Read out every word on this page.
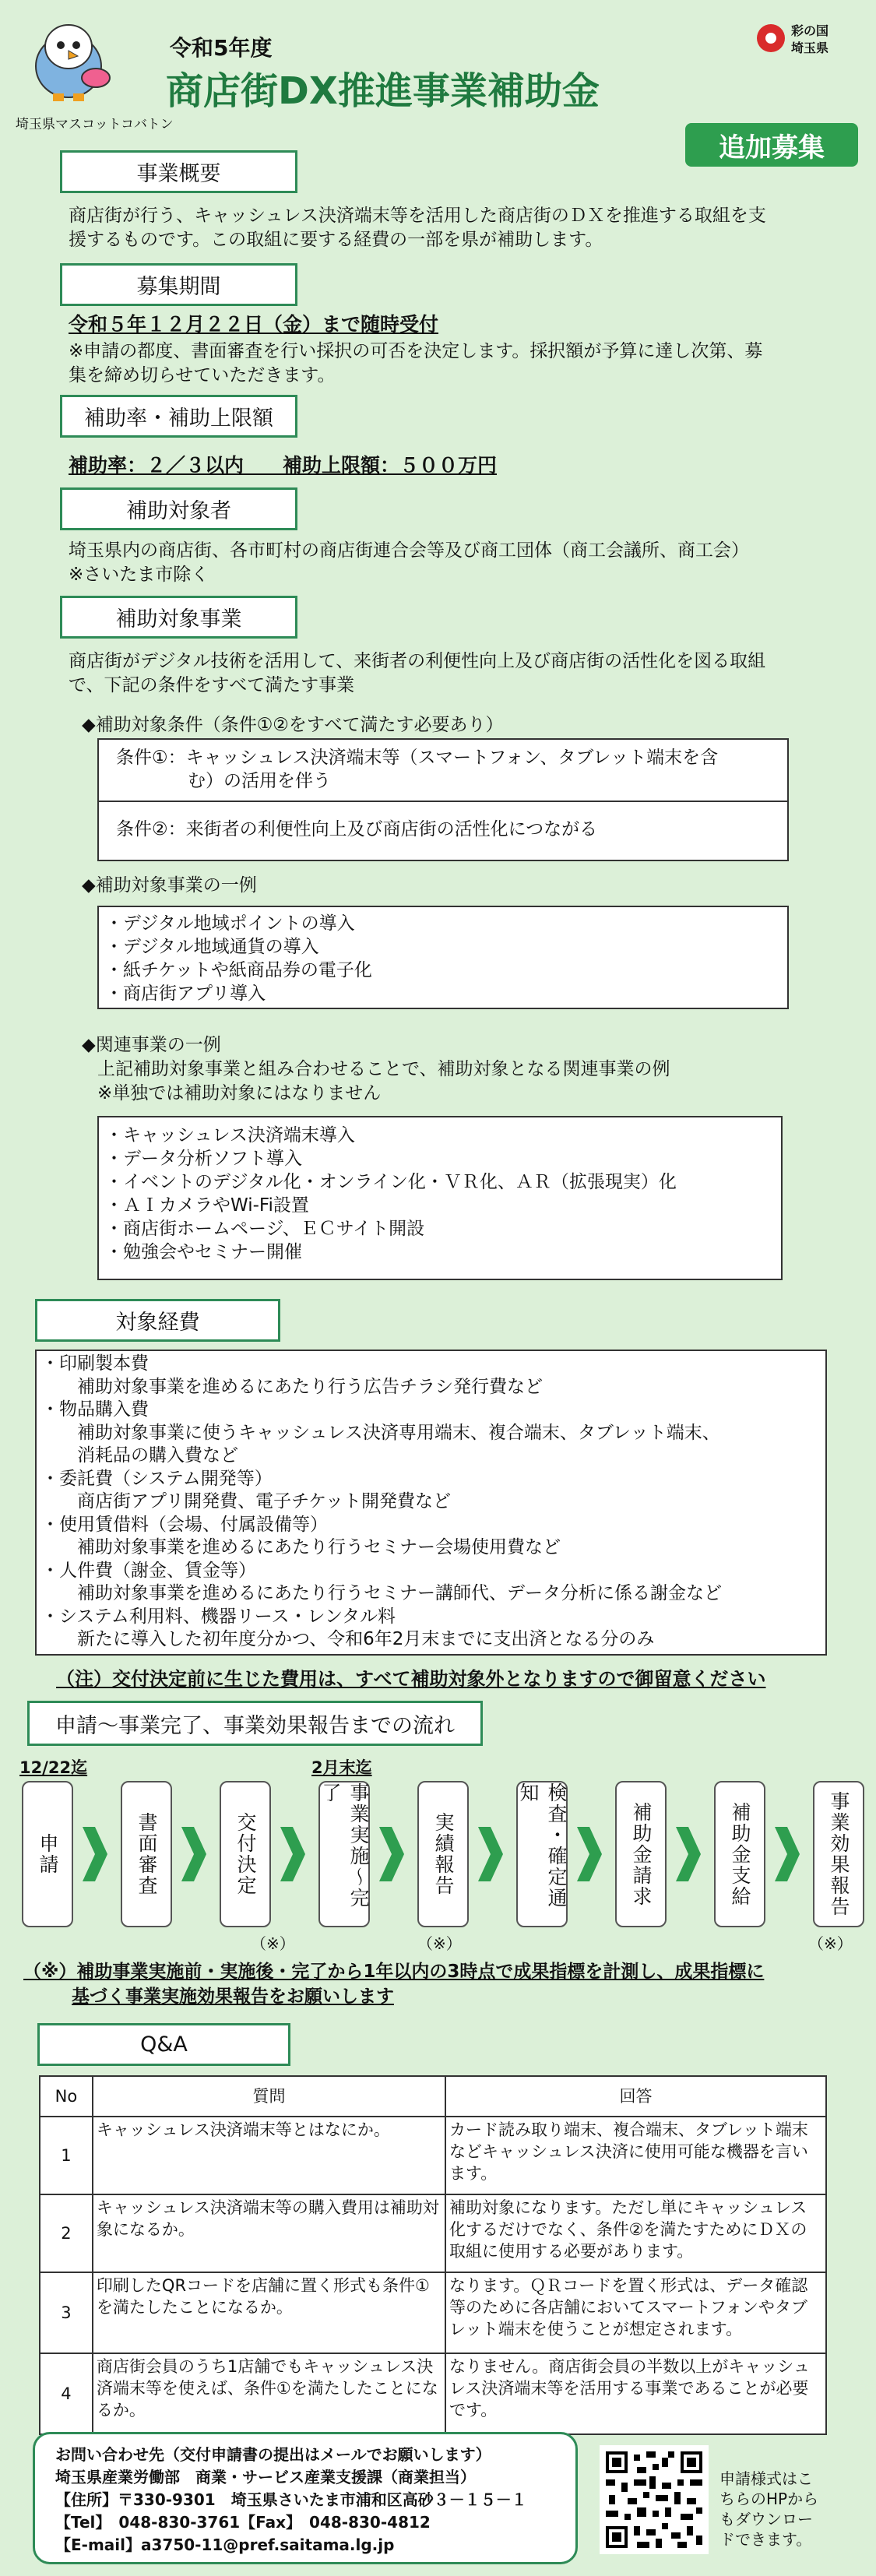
埼玉県マスコットコバトン
令和5年度
商店街DX推進事業補助金
彩の国
埼玉県
追加募集
事業概要
商店街が行う、キャッシュレス決済端末等を活用した商店街のＤＸを推進する取組を支
援するものです。この取組に要する経費の一部を県が補助します。
募集期間
令和５年１２月２２日（金）まで随時受付
※申請の都度、書面審査を行い採択の可否を決定します。採択額が予算に達し次第、募
集を締め切らせていただきます。
補助率・補助上限額
補助率：２／３以内　　補助上限額：５００万円
補助対象者
埼玉県内の商店街、各市町村の商店街連合会等及び商工団体（商工会議所、商工会）
※さいたま市除く
補助対象事業
商店街がデジタル技術を活用して、来街者の利便性向上及び商店街の活性化を図る取組
で、下記の条件をすべて満たす事業
◆補助対象条件（条件①②をすべて満たす必要あり）
条件①：キャッシュレス決済端末等（スマートフォン、タブレット端末を含
む）の活用を伴う
条件②：来街者の利便性向上及び商店街の活性化につながる
◆補助対象事業の一例
・デジタル地域ポイントの導入
・デジタル地域通貨の導入
・紙チケットや紙商品券の電子化
・商店街アプリ導入
◆関連事業の一例
上記補助対象事業と組み合わせることで、補助対象となる関連事業の例
※単独では補助対象にはなりません
・キャッシュレス決済端末導入
・データ分析ソフト導入
・イベントのデジタル化・オンライン化・ＶＲ化、ＡＲ（拡張現実）化
・ＡＩカメラやWi-Fi設置
・商店街ホームページ、ＥＣサイト開設
・勉強会やセミナー開催
対象経費
・印刷製本費
　　補助対象事業を進めるにあたり行う広告チラシ発行費など
・物品購入費
　　補助対象事業に使うキャッシュレス決済専用端末、複合端末、タブレット端末、
　　消耗品の購入費など
・委託費（システム開発等）
　　商店街アプリ開発費、電子チケット開発費など
・使用賃借料（会場、付属設備等）
　　補助対象事業を進めるにあたり行うセミナー会場使用費など
・人件費（謝金、賃金等）
　　補助対象事業を進めるにあたり行うセミナー講師代、データ分析に係る謝金など
・システム利用料、機器リース・レンタル料
　　新たに導入した初年度分かつ、令和6年2月末までに支出済となる分のみ
（注）交付決定前に生じた費用は、すべて補助対象外となりますので御留意ください
申請～事業完了、事業効果報告までの流れ
12/22迄	2月末迄
申請	書面審査	交付決定	事業実施～完了
実績報告	検査・確定通知
補助金請求	補助金支給	事業効果報告
（※）	（※）	（※）
（※）補助事業実施前・実施後・完了から1年以内の3時点で成果指標を計測し、成果指標に
基づく事業実施効果報告をお願いします
Q&A
No	質問	回答
1	キャッシュレス決済端末等とはなにか。	カード読み取り端末、複合端末、タブレット端末などキャッシュレス決済に使用可能な機器を言います。
2	キャッシュレス決済端末等の購入費用は補助対象になるか。	補助対象になります。ただし単にキャッシュレス化するだけでなく、条件②を満たすためにＤＸの取組に使用する必要があります。
3	印刷したQRコードを店舗に置く形式も条件①を満たしたことになるか。	なります。ＱＲコードを置く形式は、データ確認等のために各店舗においてスマートフォンやタブレット端末を使うことが想定されます。
4	商店街会員のうち1店舗でもキャッシュレス決済端末等を使えば、条件①を満たしたことになるか。	なりません。商店街会員の半数以上がキャッシュレス決済端末等を活用する事業であることが必要です。
お問い合わせ先（交付申請書の提出はメールでお願いします）
埼玉県産業労働部　商業・サービス産業支援課（商業担当）
【住所】〒330-9301　埼玉県さいたま市浦和区高砂３－１５－１
【Tel】　048-830-3761【Fax】　048-830-4812
【E-mail】a3750-11@pref.saitama.lg.jp
申請様式はこ
ちらのHPから
もダウンロー
ドできます。
